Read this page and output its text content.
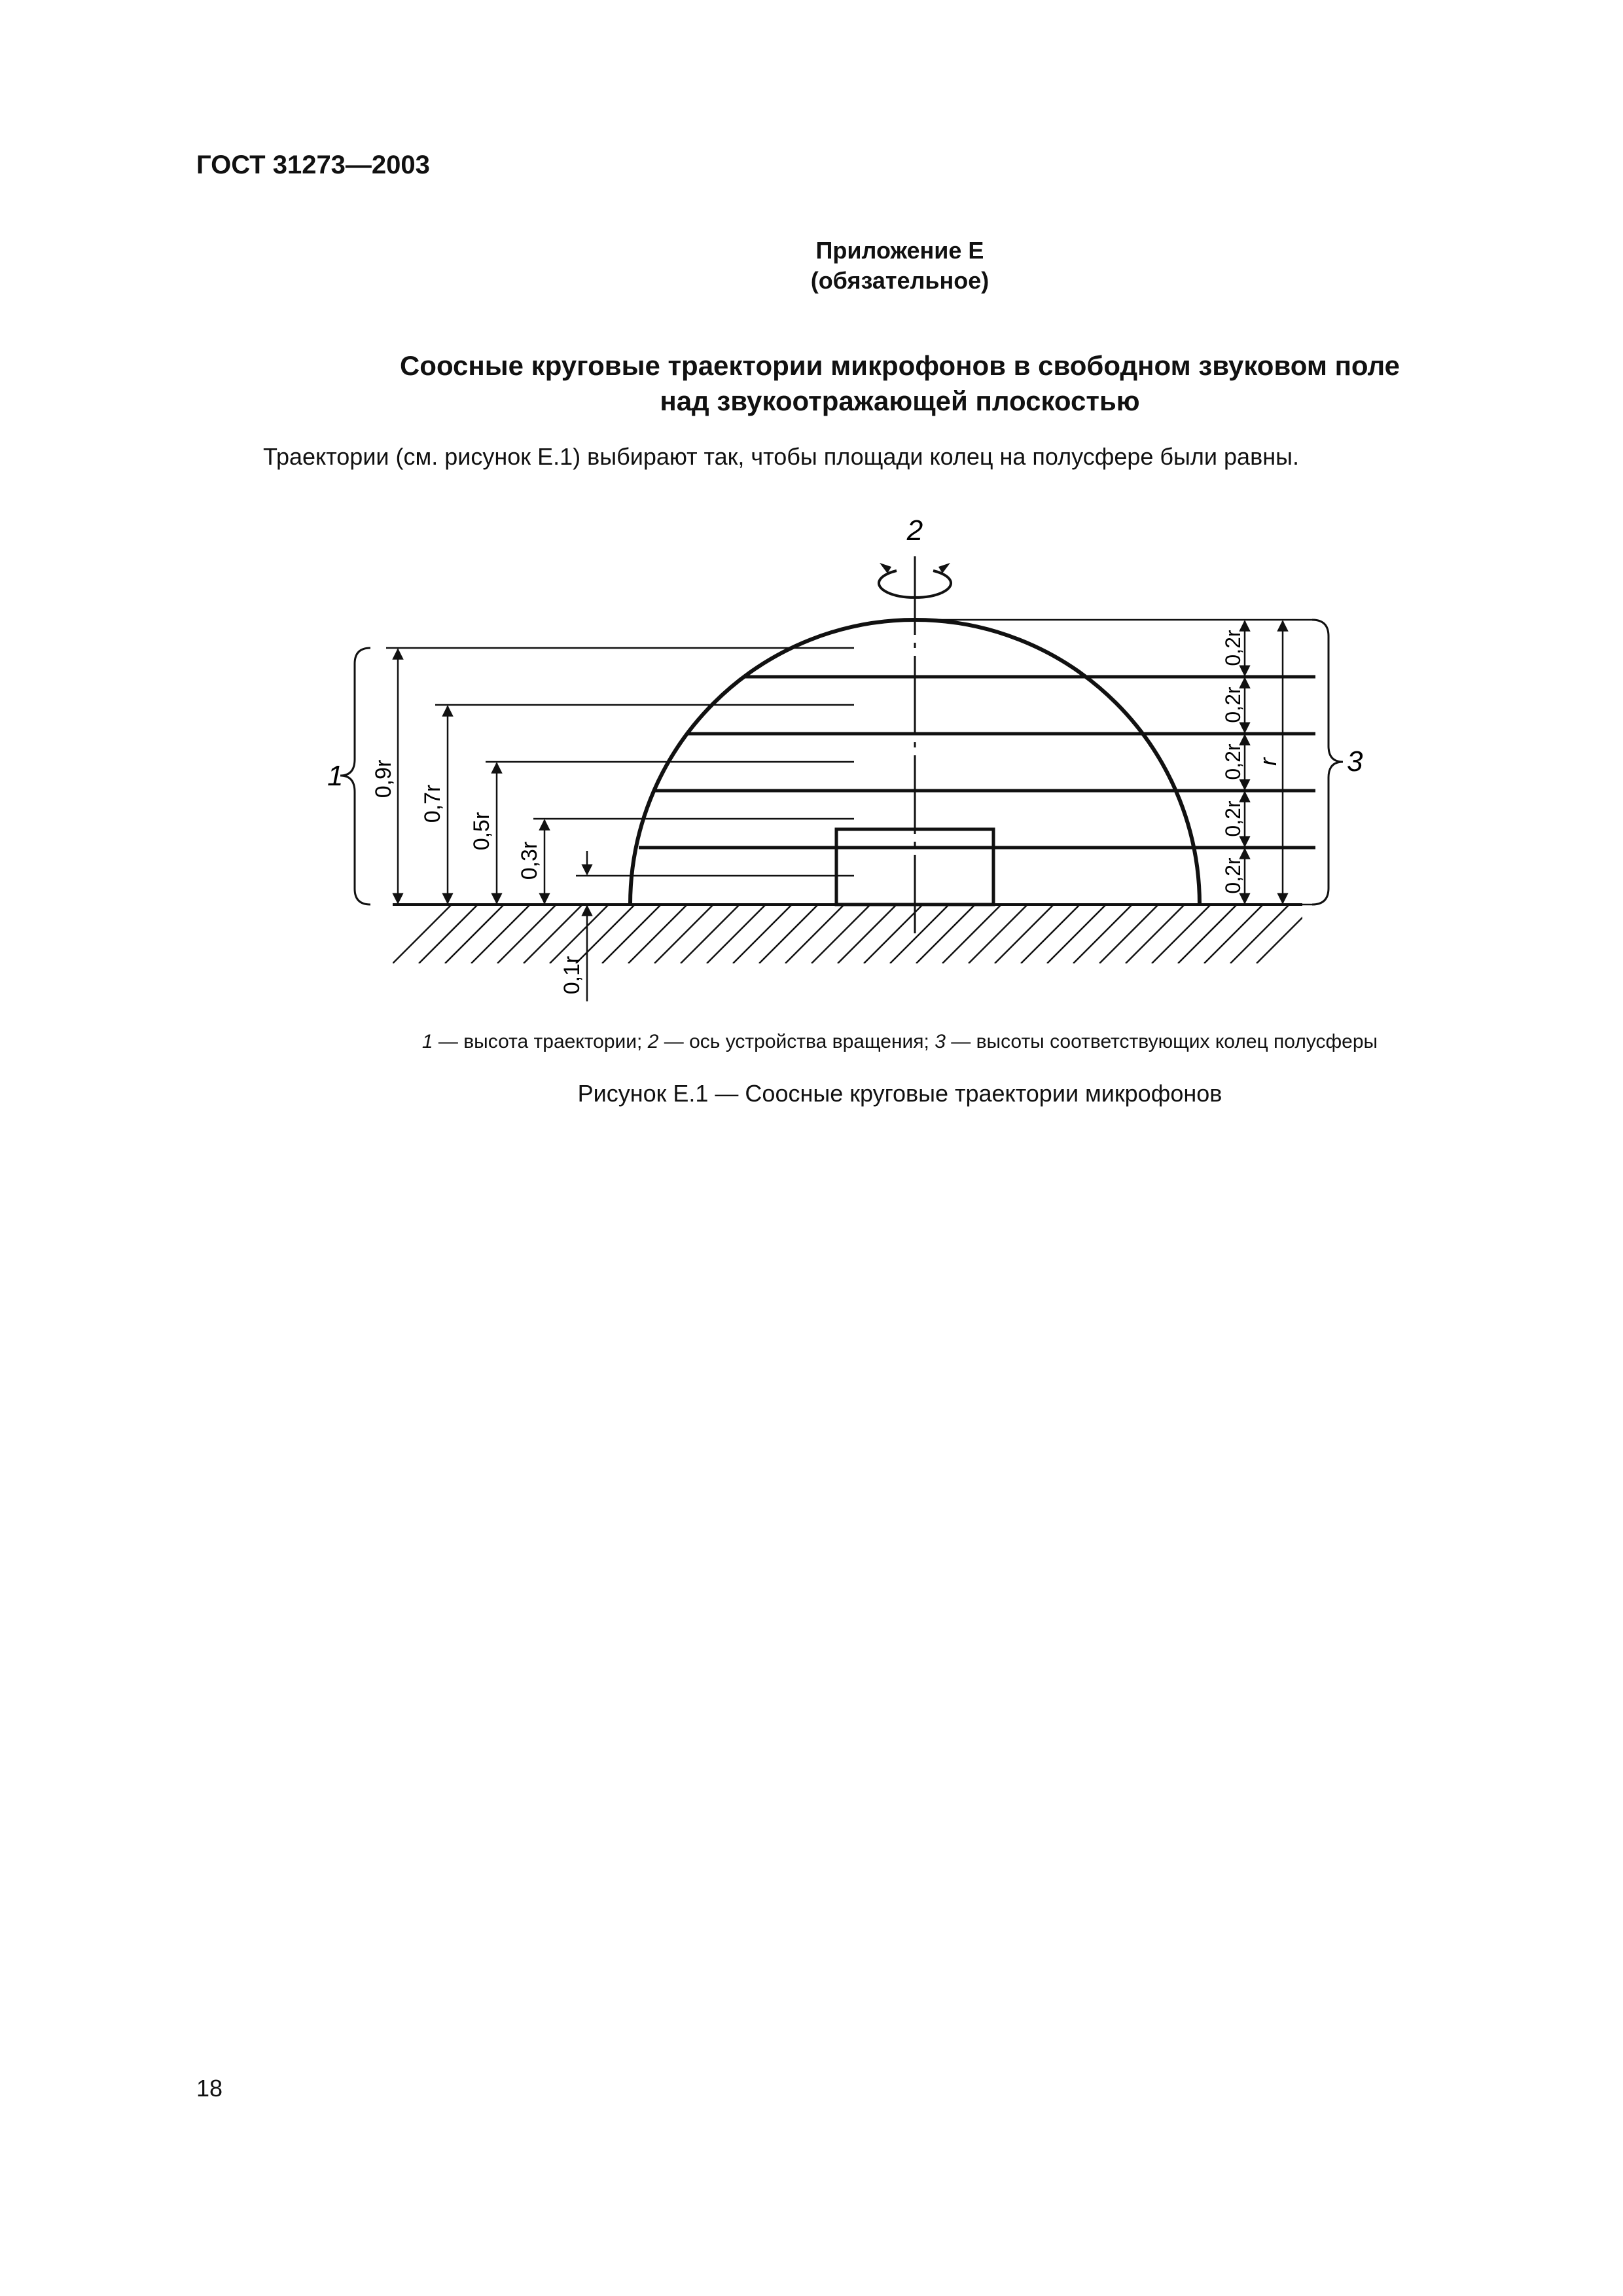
ГОСТ 31273—2003
Приложение Е
(обязательное)
Соосные круговые траектории микрофонов в свободном звуковом поле
над звукоотражающей плоскостью
Траектории (см. рисунок Е.1) выбирают так, чтобы площади колец на полусфере были равны.
2
0,9r
0,7r
0,5r
0,3r
0,1r
1
0,2r
0,2r
0,2r
0,2r
0,2r
r 3
1 — высота траектории; 2 — ось устройства вращения; 3 — высоты соответствующих колец полусферы
Рисунок Е.1 — Соосные круговые траектории микрофонов
18
